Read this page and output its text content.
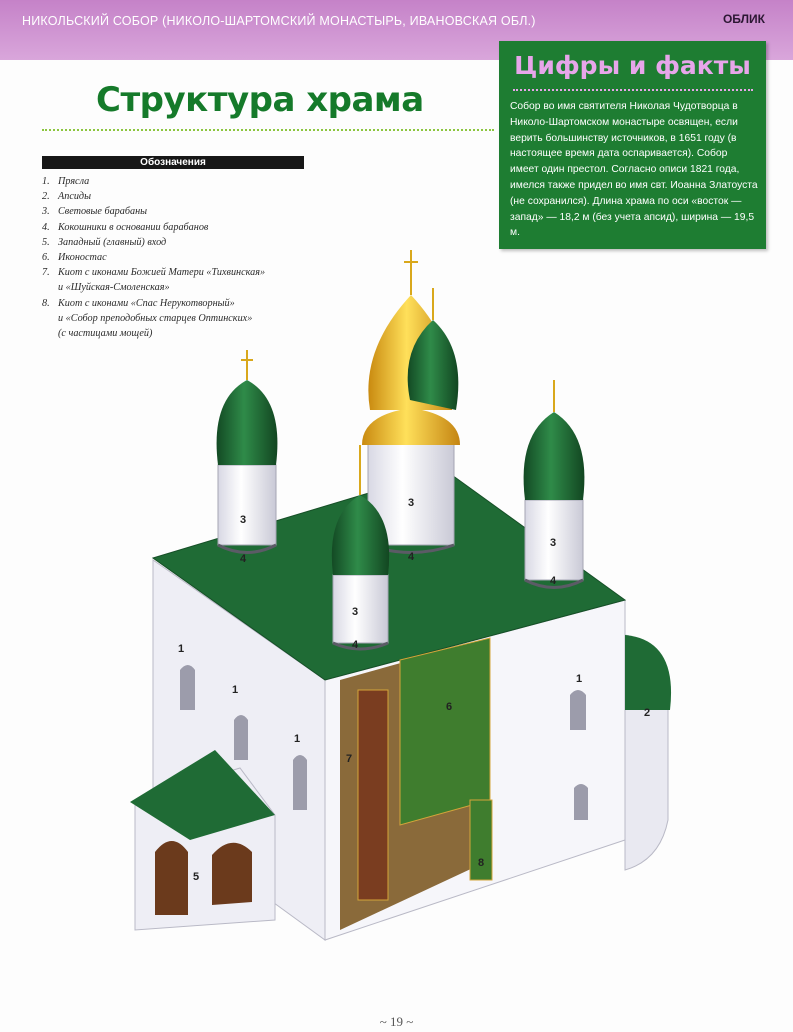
НИКОЛЬСКИЙ СОБОР (НИКОЛО-ШАРТОМСКИЙ МОНАСТЫРЬ, ИВАНОВСКАЯ ОБЛ.)	ОБЛИК
Структура храма
Обозначения
1. Прясла
2. Апсиды
3. Световые барабаны
4. Кокошники в основании барабанов
5. Западный (главный) вход
6. Иконостас
7. Киот с иконами Божией Матери «Тихвинская»
и «Шуйская-Смоленская»
8. Киот с иконами «Спас Нерукотворный»
и «Собор преподобных старцев Оптинских»
(с частицами мощей)
Цифры и факты
Собор во имя святителя Николая Чудотворца в Николо-Шартомском монастыре освящен, если верить большинству источников, в 1651 году (в настоящее время дата оспаривается). Собор имеет один престол. Согласно описи 1821 года, имелся также придел во имя свт. Иоанна Златоуста (не сохранился). Длина храма по оси «восток — запад» — 18,2 м (без учета апсид), ширина — 19,5 м.
1
1
1
1
2
3
3
3
3
4	4
4
4
5
6
7
8
~ 19 ~
